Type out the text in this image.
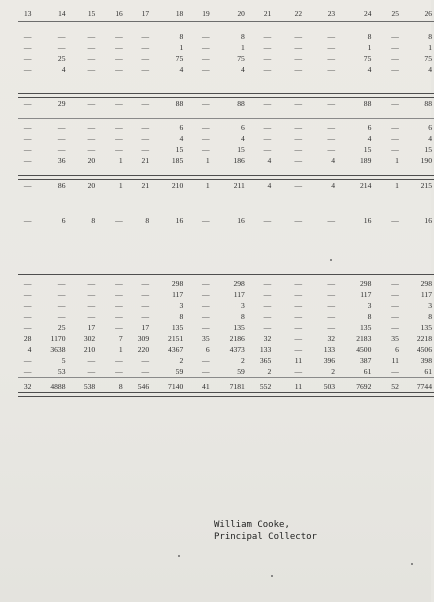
13	14	15	16	17	18	19	20	21	22	23	24	25	26

—	—	—	—	—	8	—	8	—	—	—	8	—	8
—	—	—	—	—	1	—	1	—	—	—	1	—	1
—	25	—	—	—	75	—	75	—	—	—	75	—	75
—	4	—	—	—	4	—	4	—	—	—	4	—	4

—	29	—	—	—	88	—	88	—	—	—	88	—	88

—	—	—	—	—	6	—	6	—	—	—	6	—	6
—	—	—	—	—	4	—	4	—	—	—	4	—	4
—	—	—	—	—	15	—	15	—	—	—	15	—	15
—	36	20	1	21	185	1	186	4	—	4	189	1	190

—	86	20	1	21	210	1	211	4	—	4	214	1	215

—	6	8	—	8	16	—	16	—	—	—	16	—	16

—	—	—	—	—	298	—	298	—	—	—	298	—	298
—	—	—	—	—	117	—	117	—	—	—	117	—	117
—	—	—	—	—	3	—	3	—	—	—	3	—	3
—	—	—	—	—	8	—	8	—	—	—	8	—	8
—	25	17	—	17	135	—	135	—	—	—	135	—	135
28	1170	302	7	309	2151	35	2186	32	—	32	2183	35	2218
4	3638	210	1	220	4367	6	4373	133	—	133	4500	6	4506
—	5	—	—	—	2	—	2	365	11	396	387	11	398
—	53	—	—	—	59	—	59	2	—	2	61	—	61

32	4888	538	8	546	7140	41	7181	552	11	503	7692	52	7744

William Cooke,
Principal Collector
